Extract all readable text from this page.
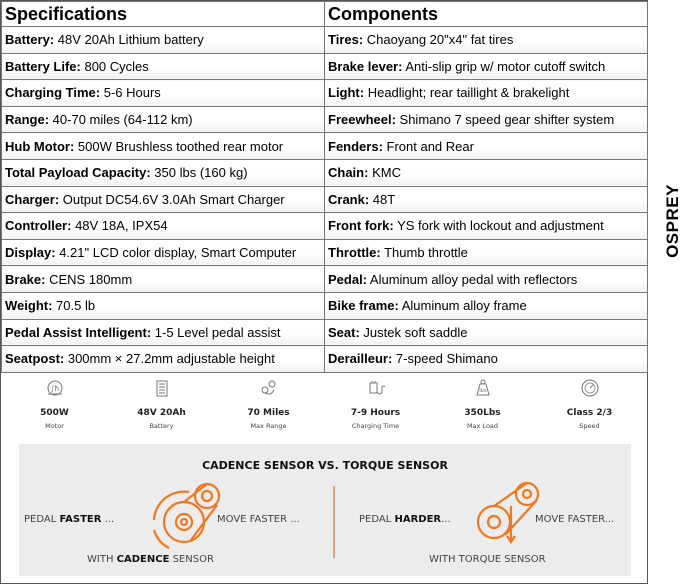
Specifications	Components
Battery: 48V 20Ah Lithium battery	Tires: Chaoyang 20"x4" fat tires
Battery Life: 800 Cycles	Brake lever: Anti-slip grip w/ motor cutoff switch
Charging Time: 5-6 Hours	Light: Headlight; rear taillight & brakelight
Range: 40-70 miles (64-112 km)	Freewheel: Shimano 7 speed gear shifter system
Hub Motor: 500W Brushless toothed rear motor	Fenders: Front and Rear
Total Payload Capacity: 350 lbs (160 kg)	Chain: KMC
Charger: Output DC54.6V 3.0Ah Smart Charger	Crank: 48T
Controller: 48V 18A, IPX54	Front fork: YS fork with lockout and adjustment
Display: 4.21" LCD color display, Smart Computer	Throttle: Thumb throttle
Brake: CENS 180mm	Pedal: Aluminum alloy pedal with reflectors
Weight: 70.5 lb	Bike frame: Aluminum alloy frame
Pedal Assist Intelligent: 1-5 Level pedal assist	Seat: Justek soft saddle
Seatpost: 300mm × 27.2mm adjustable height	Derailleur: 7-speed Shimano
∫ħ
500W
Motor
48V 20Ah
Battery
70 Miles
Max Range
7-9 Hours
Charging Time
lbs
350Lbs
Max Load
Class 2/3
Speed
CADENCE SENSOR VS. TORQUE SENSOR
PEDAL FASTER ...	MOVE FASTER ...
WITH CADENCE SENSOR
PEDAL HARDER...	MOVE FASTER...
WITH TORQUE SENSOR
OSPREY
